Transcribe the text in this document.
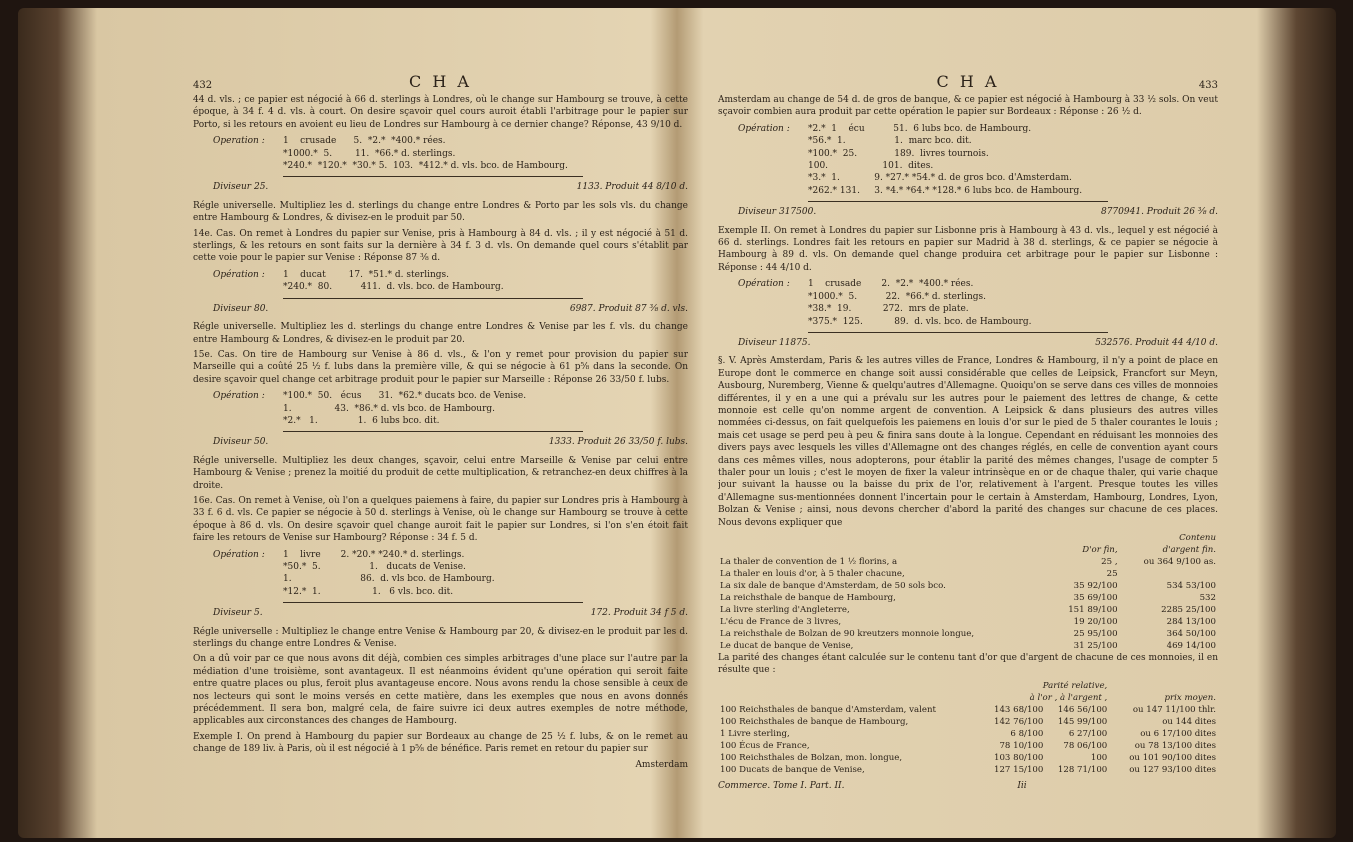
432	C H A

44 d. vls. ; ce papier est négocié à 66 d. sterlings à Londres, où le change sur Hambourg se trouve, à cette époque, à 34 f. 4 d. vls. à court. On desire sçavoir quel cours auroit établi l'arbitrage pour le papier sur Porto, si les retours en avoient eu lieu de Londres sur Hambourg à ce dernier change? Réponse, 43 9/10 d.

Operation :	1    crusade      5.  *2.*  *400.* rées.
*1000.*  5.        11.  *66.* d. sterlings.
*240.*  *120.*  *30.* 5.  103.  *412.* d. vls. bco. de Hambourg.
Diviseur 25.	1133. Produit 44 8/10 d.

Régle universelle. Multipliez les d. sterlings du change entre Londres & Porto par les sols vls. du change entre Hambourg & Londres, & divisez-en le produit par 50.

14e. Cas. On remet à Londres du papier sur Venise, pris à Hambourg à 84 d. vls. ; il y est négocié à 51 d. sterlings, & les retours en sont faits sur la dernière à 34 f. 3 d. vls. On demande quel cours s'établit par cette voie pour le papier sur Venise : Réponse 87 ⅜ d.

Opération :	1    ducat        17.  *51.* d. sterlings.
*240.*  80.          411.  d. vls. bco. de Hambourg.
Diviseur 80.	6987. Produit 87 ⅜ d. vls.

Régle universelle. Multipliez les d. sterlings du change entre Londres & Venise par les f. vls. du change entre Hambourg & Londres, & divisez-en le produit par 20.

15e. Cas. On tire de Hambourg sur Venise à 86 d. vls., & l'on y remet pour provision du papier sur Marseille qui a coûté 25 ½ f. lubs dans la première ville, & qui se négocie à 61 p⅝ dans la seconde. On desire sçavoir quel change cet arbitrage produit pour le papier sur Marseille : Réponse 26 33/50 f. lubs.

Opération :	*100.*  50.   écus      31.  *62.* ducats bco. de Venise.
1.               43.  *86.* d. vls bco. de Hambourg.
*2.*   1.              1.  6 lubs bco. dit.
Diviseur 50.	1333. Produit 26 33/50 f. lubs.

Régle universelle. Multipliez les deux changes, sçavoir, celui entre Marseille & Venise par celui entre Hambourg & Venise ; prenez la moitié du produit de cette multiplication, & retranchez-en deux chiffres à la droite.

16e. Cas. On remet à Venise, où l'on a quelques paiemens à faire, du papier sur Londres pris à Hambourg à 33 f. 6 d. vls. Ce papier se négocie à 50 d. sterlings à Venise, où le change sur Hambourg se trouve à cette époque à 86 d. vls. On desire sçavoir quel change auroit fait le papier sur Londres, si l'on s'en étoit fait faire les retours de Venise sur Hambourg? Réponse : 34 f. 5 d.

Opération :	1    livre       2. *20.* *240.* d. sterlings.
*50.*  5.                 1.   ducats de Venise.
1.                        86.  d. vls bco. de Hambourg.
*12.*  1.                  1.   6 vls. bco. dit.
Diviseur 5.	172. Produit 34 f 5 d.

Régle universelle : Multipliez le change entre Venise & Hambourg par 20, & divisez-en le produit par les d. sterlings du change entre Londres & Venise.

On a dû voir par ce que nous avons dit déjà, combien ces simples arbitrages d'une place sur l'autre par la médiation d'une troisième, sont avantageux. Il est néanmoins évident qu'une opération qui seroit faite entre quatre places ou plus, feroit plus avantageuse encore. Nous avons rendu la chose sensible à ceux de nos lecteurs qui sont le moins versés en cette matière, dans les exemples que nous en avons donnés précédemment. Il sera bon, malgré cela, de faire suivre ici deux autres exemples de notre méthode, applicables aux circonstances des changes de Hambourg.

Exemple I. On prend à Hambourg du papier sur Bordeaux au change de 25 ½ f. lubs, & on le remet au change de 189 liv. à Paris, où il est négocié à 1 p⅝ de bénéfice. Paris remet en retour du papier sur

Amsterdam
C H A	433

Amsterdam au change de 54 d. de gros de banque, & ce papier est négocié à Hambourg à 33 ½ sols. On veut sçavoir combien aura produit par cette opération le papier sur Bordeaux : Réponse : 26 ½ d.

Opération :	*2.*  1    écu          51.  6 lubs bco. de Hambourg.
*56.*  1.                 1.  marc bco. dit.
*100.*  25.             189.  livres tournois.
100.                   101.  dites.
*3.*  1.            9. *27.* *54.* d. de gros bco. d'Amsterdam.
*262.* 131.     3. *4.* *64.* *128.* 6 lubs bco. de Hambourg.
Diviseur 317500.	8770941. Produit 26 ⅜ d.

Exemple II. On remet à Londres du papier sur Lisbonne pris à Hambourg à 43 d. vls., lequel y est négocié à 66 d. sterlings. Londres fait les retours en papier sur Madrid à 38 d. sterlings, & ce papier se négocie à Hambourg à 89 d. vls. On demande quel change produira cet arbitrage pour le papier sur Lisbonne : Réponse : 44 4/10 d.

Opération :	1    crusade       2.  *2.*  *400.* rées.
*1000.*  5.          22.  *66.* d. sterlings.
*38.*  19.           272.  mrs de plate.
*375.*  125.           89.  d. vls. bco. de Hambourg.
Diviseur 11875.	532576. Produit 44 4/10 d.

§. V. Après Amsterdam, Paris & les autres villes de France, Londres & Hambourg, il n'y a point de place en Europe dont le commerce en change soit aussi considérable que celles de Leipsick, Francfort sur Meyn, Ausbourg, Nuremberg, Vienne & quelqu'autres d'Allemagne. Quoiqu'on se serve dans ces villes de monnoies différentes, il y en a une qui a prévalu sur les autres pour le paiement des lettres de change, & cette monnoie est celle qu'on nomme argent de convention. A Leipsick & dans plusieurs des autres villes nommées ci-dessus, on fait quelquefois les paiemens en louis d'or sur le pied de 5 thaler courantes le louis ; mais cet usage se perd peu à peu & finira sans doute à la longue. Cependant en réduisant les monnoies des divers pays avec lesquels les villes d'Allemagne ont des changes réglés, en celle de convention ayant cours dans ces mêmes villes, nous adopterons, pour établir la parité des mêmes changes, l'usage de compter 5 thaler pour un louis ; c'est le moyen de fixer la valeur intrinsèque en or de chaque thaler, qui varie chaque jour suivant la hausse ou la baisse du prix de l'or, relativement à l'argent. Presque toutes les villes d'Allemagne sus-mentionnées donnent l'incertain pour le certain à Amsterdam, Hambourg, Londres, Lyon, Bolzan & Venise ; ainsi, nous devons chercher d'abord la parité des changes sur chacune de ces places. Nous devons expliquer que

	Contenu	
	D'or fin,	d'argent fin.
La thaler de convention de 1 ½ florins, a	25 ,	ou 364 9/100 as.
La thaler en louis d'or, à 5 thaler chacune,	25	
La six dale de banque d'Amsterdam, de 50 sols bco.	35 92/100	534 53/100
La reichsthale de banque de Hambourg,	35 69/100	532
La livre sterling d'Angleterre,	151 89/100	2285 25/100
L'écu de France de 3 livres,	19 20/100	284 13/100
La reichsthale de Bolzan de 90 kreutzers monnoie longue,	25 95/100	364 50/100
Le ducat de banque de Venise,	31 25/100	469 14/100

La parité des changes étant calculée sur le contenu tant d'or que d'argent de chacune de ces monnoies, il en résulte que :

	Parité relative,		
	à l'or , à l'argent ,		prix moyen.
100 Reichsthales de banque d'Amsterdam, valent	143 68/100	146 56/100	ou 147 11/100 thlr.
100 Reichsthales de banque de Hambourg,	142 76/100	145 99/100	ou 144 dites
1 Livre sterling,	6 8/100	6 27/100	ou 6 17/100 dites
100 Écus de France,	78 10/100	78 06/100	ou 78 13/100 dites
100 Reichsthales de Bolzan, mon. longue,	103 80/100	100	ou 101 90/100 dites
100 Ducats de banque de Venise,	127 15/100	128 71/100	ou 127 93/100 dites
Commerce. Tome I. Part. II.	Iii
